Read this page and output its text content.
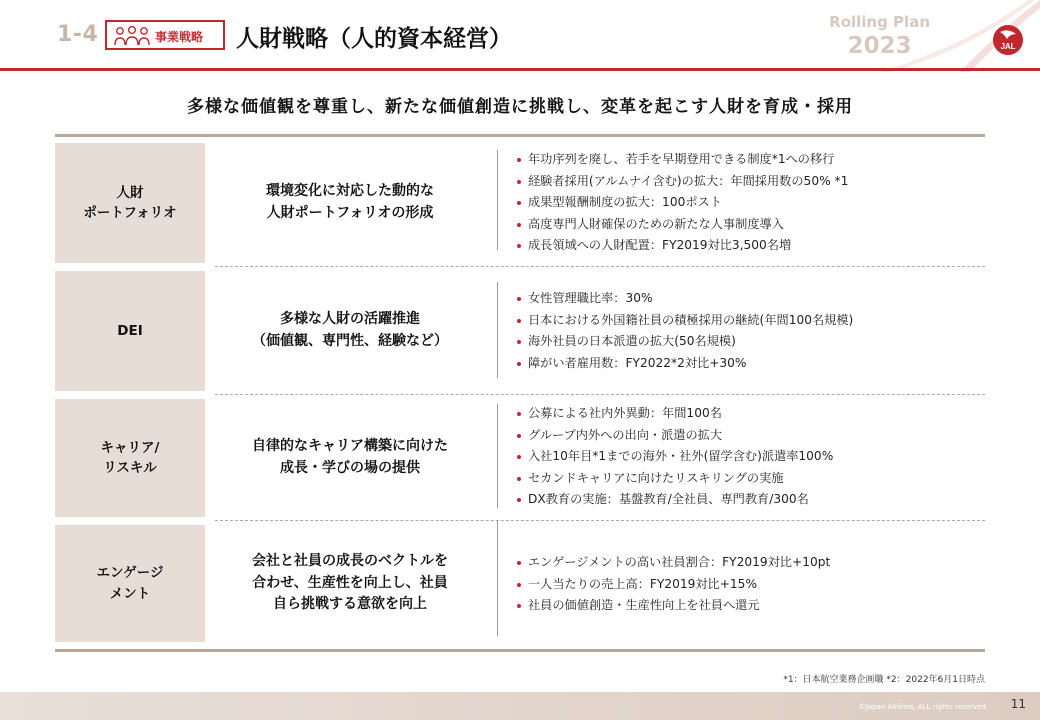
1-4	事業戦略 人財戦略（人的資本経営）
Rolling Plan
2023	JAL
多様な価値観を尊重し、新たな価値創造に挑戦し、変革を起こす人財を育成・採用
人財
ポートフォリオ
環境変化に対応した動的な
人財ポートフォリオの形成
年功序列を廃し、若手を早期登用できる制度*1への移行
経験者採用(アルムナイ含む)の拡大：年間採用数の50% *1
成果型報酬制度の拡大：100ポスト
高度専門人財確保のための新たな人事制度導入
成長領域への人財配置：FY2019対比3,500名増
DEI
多様な人財の活躍推進
（価値観、専門性、経験など）
女性管理職比率：30%
日本における外国籍社員の積極採用の継続(年間100名規模)
海外社員の日本派遣の拡大(50名規模)
障がい者雇用数：FY2022*2対比+30%
キャリア/
リスキル
自律的なキャリア構築に向けた
成長・学びの場の提供
公募による社内外異動：年間100名
グループ内外への出向・派遣の拡大
入社10年目*1までの海外・社外(留学含む)派遣率100%
セカンドキャリアに向けたリスキリングの実施
DX教育の実施：基盤教育/全社員、専門教育/300名
エンゲージ
メント
会社と社員の成長のベクトルを
合わせ、生産性を向上し、社員
自ら挑戦する意欲を向上
エンゲージメントの高い社員割合：FY2019対比+10pt
一人当たりの売上高：FY2019対比+15%
社員の価値創造・生産性向上を社員へ還元
*1：日本航空業務企画職 *2：2022年6月1日時点
©Japan Airlines, ALL rights reserved. 11
